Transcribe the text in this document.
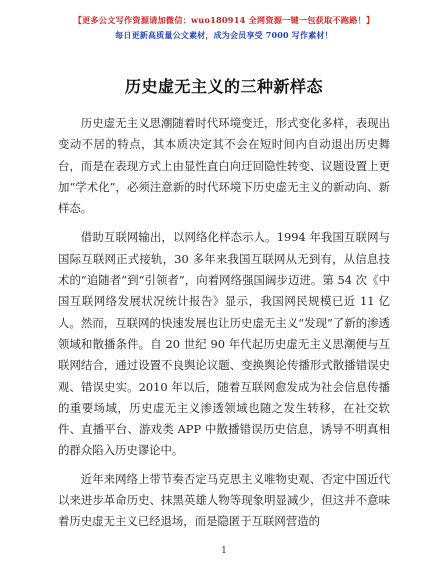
【更多公文写作资源请加微信：wuo180914 全网资源一键一包获取不跑路！】
每日更新高质量公文素材，成为会员享受 7000 写作素材！
历史虚无主义的三种新样态

历史虚无主义思潮随着时代环境变迁，形式变化多样，表现出变动不居的特点，其本质决定其不会在短时间内自动退出历史舞台，而是在表现方式上由显性直白向迂回隐性转变、议题设置上更加“学术化”，必须注意新的时代环境下历史虚无主义的新动向、新样态。

借助互联网输出，以网络化样态示人。1994 年我国互联网与国际互联网正式接轨，30 多年来我国互联网从无到有，从信息技术的“追随者”到“引领者”，向着网络强国阔步迈进。第 54 次《中国互联网络发展状况统计报告》显示，我国网民规模已近 11 亿人。然而，互联网的快速发展也让历史虚无主义“发现”了新的渗透领域和散播条件。自 20 世纪 90 年代起历史虚无主义思潮便与互联网结合，通过设置不良舆论议题、变换舆论传播形式散播错误史观、错误史实。2010 年以后，随着互联网愈发成为社会信息传播的重要场域，历史虚无主义渗透领域也随之发生转移，在社交软件、直播平台、游戏类 APP 中散播错误历史信息，诱导不明真相的群众陷入历史谬论中。

近年来网络上带节奏否定马克思主义唯物史观、否定中国近代以来进步革命历史、抹黑英雄人物等现象明显减少，但这并不意味着历史虚无主义已经退场，而是隐匿于互联网营造的

1
